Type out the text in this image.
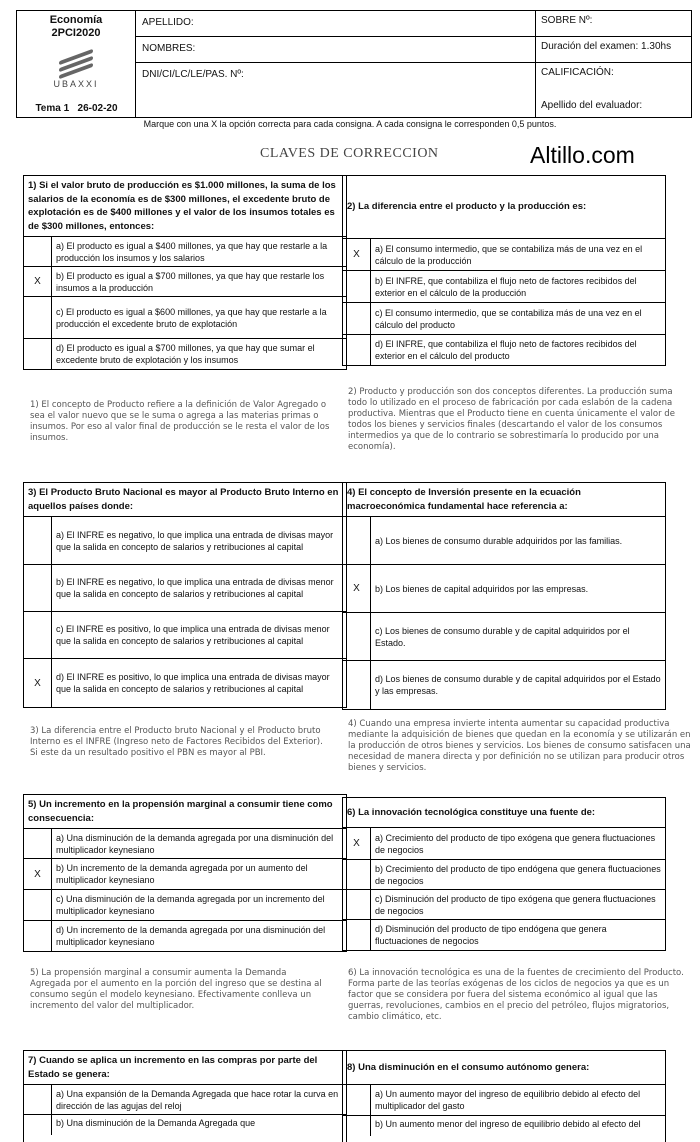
Economía
2PCI2020
UBAXXI
Tema 1 26-02-20
APELLIDO:
NOMBRES:
DNI/CI/LC/LE/PAS. Nº:
SOBRE Nº:
Duración del examen: 1.30hs
CALIFICACIÓN:

Apellido del evaluador:
Marque con una X la opción correcta para cada consigna. A cada consigna le corresponden 0,5 puntos.
CLAVES DE CORRECCION	Altillo.com
1) Si el valor bruto de producción es $1.000 millones, la suma de los salarios de la economía es de $300 millones, el excedente bruto de explotación es de $400 millones y el valor de los insumos totales es de $300 millones, entonces:
a) El producto es igual a $400 millones, ya que hay que restarle a la producción los insumos y los salarios
X
b) El producto es igual a $700 millones, ya que hay que restarle los insumos a la producción
c) El producto es igual a $600 millones, ya que hay que restarle a la producción el excedente bruto de explotación
d) El producto es igual a $700 millones, ya que hay que sumar el excedente bruto de explotación y los insumos
1) El concepto de Producto refiere a la definición de Valor Agregado o sea el valor nuevo que se le suma o agrega a las materias primas o insumos. Por eso al valor final de producción se le resta el valor de los insumos.
2) La diferencia entre el producto y la producción es:
X
a) El consumo intermedio, que se contabiliza más de una vez en el cálculo de la producción
b) El INFRE, que contabiliza el flujo neto de factores recibidos del exterior en el cálculo de la producción
c) El consumo intermedio, que se contabiliza más de una vez en el cálculo del producto
d) El INFRE, que contabiliza el flujo neto de factores recibidos del exterior en el cálculo del producto
2) Producto y producción son dos conceptos diferentes. La producción suma todo lo utilizado en el proceso de fabricación por cada eslabón de la cadena productiva. Mientras que el Producto tiene en cuenta únicamente el valor de todos los bienes y servicios finales (descartando el valor de los consumos intermedios ya que de lo contrario se sobrestimaría lo producido por una economía).
3) El Producto Bruto Nacional es mayor al Producto Bruto Interno en aquellos países donde:
a) El INFRE es negativo, lo que implica una entrada de divisas mayor que la salida en concepto de salarios y retribuciones al capital
b) El INFRE es negativo, lo que implica una entrada de divisas menor que la salida en concepto de salarios y retribuciones al capital
c) El INFRE es positivo, lo que implica una entrada de divisas menor que la salida en concepto de salarios y retribuciones al capital
X
d) El INFRE es positivo, lo que implica una entrada de divisas mayor que la salida en concepto de salarios y retribuciones al capital
3) La diferencia entre el Producto bruto Nacional y el Producto bruto Interno es el INFRE (Ingreso neto de Factores Recibidos del Exterior). Si este da un resultado positivo el PBN es mayor al PBI.
4) El concepto de Inversión presente en la ecuación macroeconómica fundamental hace referencia a:
a) Los bienes de consumo durable adquiridos por las familias.
X	b) Los bienes de capital adquiridos por las empresas.
c) Los bienes de consumo durable y de capital adquiridos por el Estado.
d) Los bienes de consumo durable y de capital adquiridos por el Estado y las empresas.
4) Cuando una empresa invierte intenta aumentar su capacidad productiva mediante la adquisición de bienes que quedan en la economía y se utilizarán en la producción de otros bienes y servicios. Los bienes de consumo satisfacen una necesidad de manera directa y por definición no se utilizan para producir otros bienes y servicios.
5) Un incremento en la propensión marginal a consumir tiene como consecuencia:
a) Una disminución de la demanda agregada por una disminución del multiplicador keynesiano
X
b) Un incremento de la demanda agregada por un aumento del multiplicador keynesiano
c) Una disminución de la demanda agregada por un incremento del multiplicador keynesiano
d) Un incremento de la demanda agregada por una disminución del multiplicador keynesiano
5) La propensión marginal a consumir aumenta la Demanda Agregada por el aumento en la porción del ingreso que se destina al consumo según el modelo keynesiano. Efectivamente conlleva un incremento del valor del multiplicador.
6) La innovación tecnológica constituye una fuente de:
X
a) Crecimiento del producto de tipo exógena que genera fluctuaciones de negocios
b) Crecimiento del producto de tipo endógena que genera fluctuaciones de negocios
c) Disminución del producto de tipo exógena que genera fluctuaciones de negocios
d) Disminución del producto de tipo endógena que genera fluctuaciones de negocios
6) La innovación tecnológica es una de la fuentes de crecimiento del Producto. Forma parte de las teorías exógenas de los ciclos de negocios ya que es un factor que se considera por fuera del sistema económico al igual que las guerras, revoluciones, cambios en el precio del petróleo, flujos migratorios, cambio climático, etc.
7) Cuando se aplica un incremento en las compras por parte del Estado se genera:
a) Una expansión de la Demanda Agregada que hace rotar la curva en dirección de las agujas del reloj
b) Una disminución de la Demanda Agregada que
8) Una disminución en el consumo autónomo genera:
a) Un aumento mayor del ingreso de equilibrio debido al efecto del multiplicador del gasto
b) Un aumento menor del ingreso de equilibrio debido al efecto del
